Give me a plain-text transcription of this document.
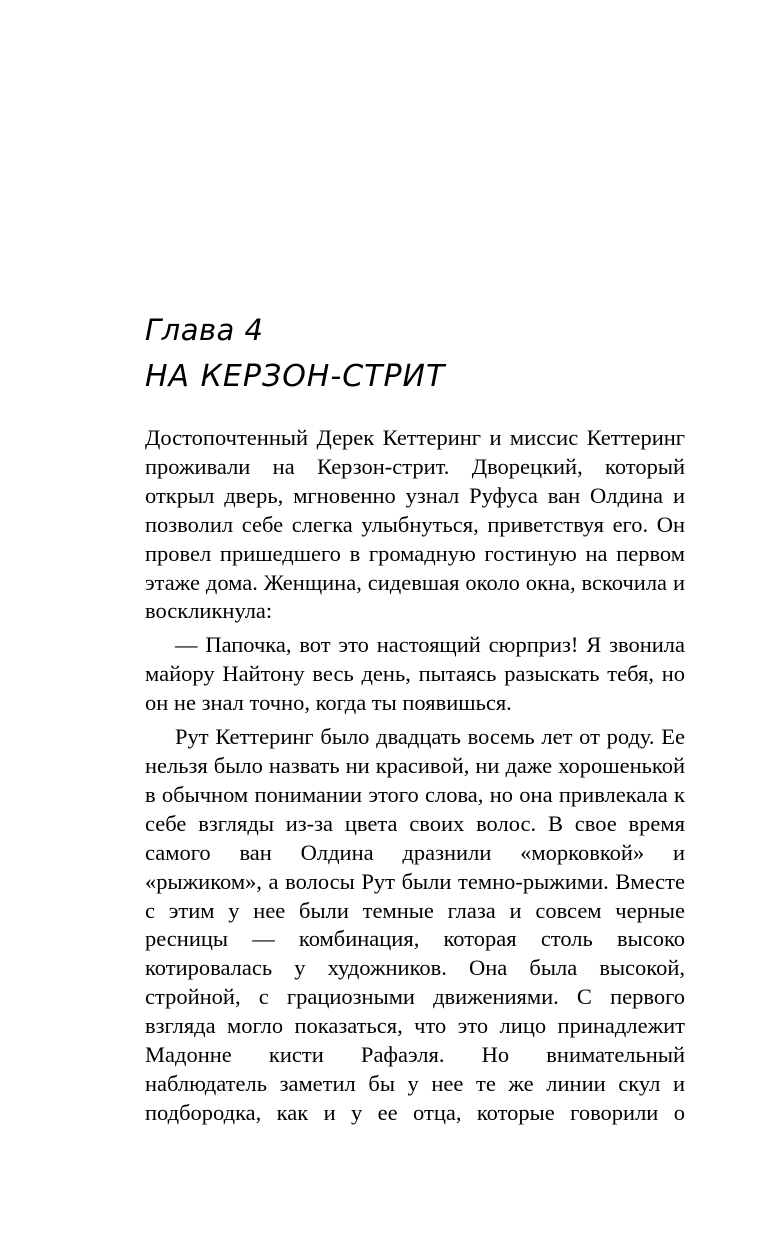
Глава 4
НА КЕРЗОН-СТРИТ

Достопочтенный Дерек Кеттеринг и миссис Кеттеринг проживали на Керзон-стрит. Дворецкий, который открыл дверь, мгновенно узнал Руфуса ван Олдина и позволил себе слегка улыбнуться, приветствуя его. Он провел пришедшего в громадную гостиную на первом этаже дома. Женщина, сидевшая около окна, вскочила и воскликнула:

— Папочка, вот это настоящий сюрприз! Я звонила майору Найтону весь день, пытаясь разыскать тебя, но он не знал точно, когда ты появишься.

Рут Кеттеринг было двадцать восемь лет от роду. Ее нельзя было назвать ни красивой, ни даже хорошенькой в обычном понимании этого слова, но она привлекала к себе взгляды из-за цвета своих волос. В свое время самого ван Олдина дразнили «морковкой» и «рыжиком», а волосы Рут были темно-рыжими. Вместе с этим у нее были темные глаза и совсем черные ресницы — комбинация, которая столь высоко котировалась у художников. Она была высокой, стройной, с грациозными движениями. С первого взгляда могло показаться, что это лицо принадлежит Мадонне кисти Рафаэля. Но внимательный наблюдатель заметил бы у нее те же линии скул и подбородка, как и у ее отца, которые говорили о
